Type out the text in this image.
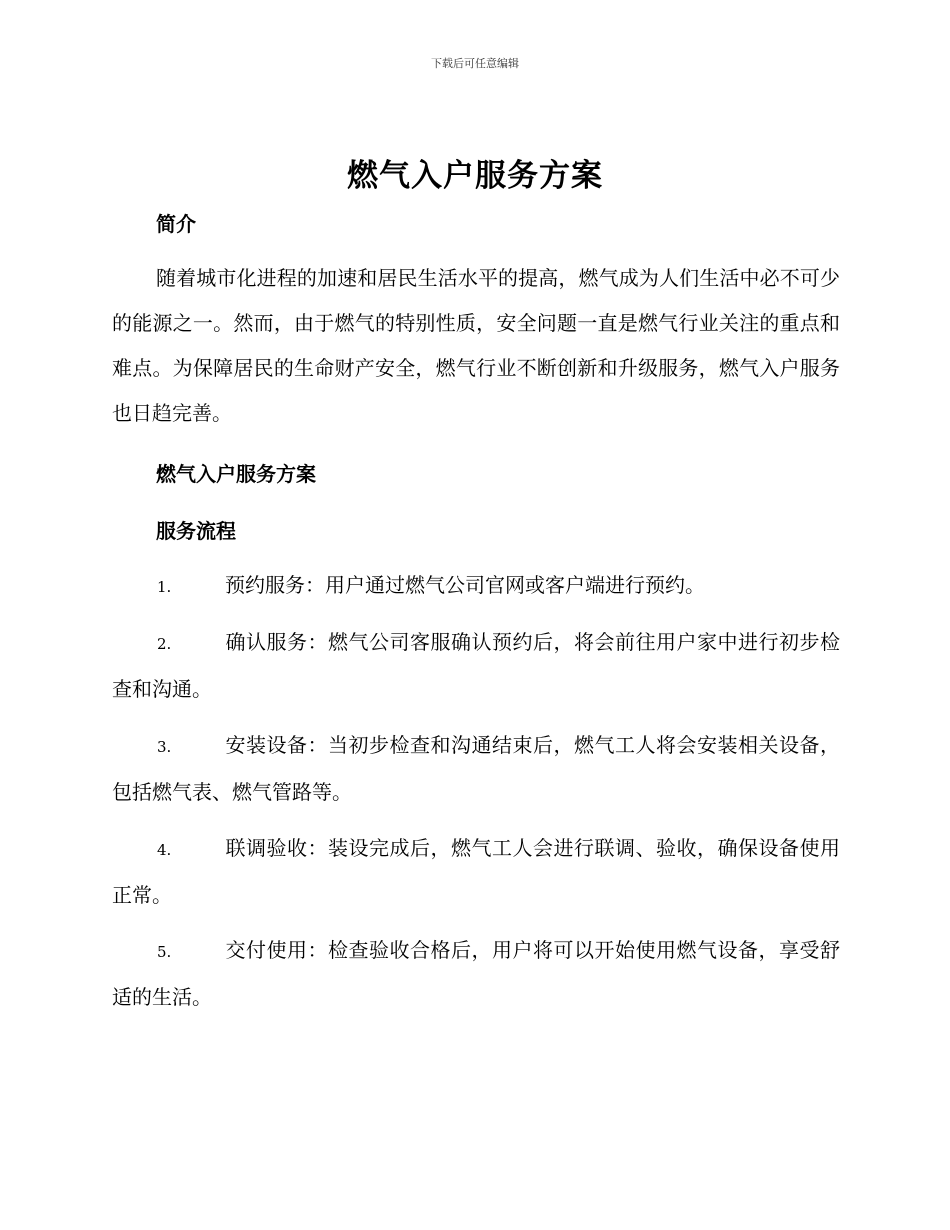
下载后可任意编辑
燃气入户服务方案
简介
随着城市化进程的加速和居民生活水平的提高，燃气成为人们生活中必不可少的能源之一。然而，由于燃气的特别性质，安全问题一直是燃气行业关注的重点和难点。为保障居民的生命财产安全，燃气行业不断创新和升级服务，燃气入户服务也日趋完善。
燃气入户服务方案
服务流程
1.	预约服务：用户通过燃气公司官网或客户端进行预约。
2.	确认服务：燃气公司客服确认预约后，将会前往用户家中进行初步检查和沟通。
3.	安装设备：当初步检查和沟通结束后，燃气工人将会安装相关设备，包括燃气表、燃气管路等。
4.	联调验收：装设完成后，燃气工人会进行联调、验收，确保设备使用正常。
5.	交付使用：检查验收合格后，用户将可以开始使用燃气设备，享受舒适的生活。
